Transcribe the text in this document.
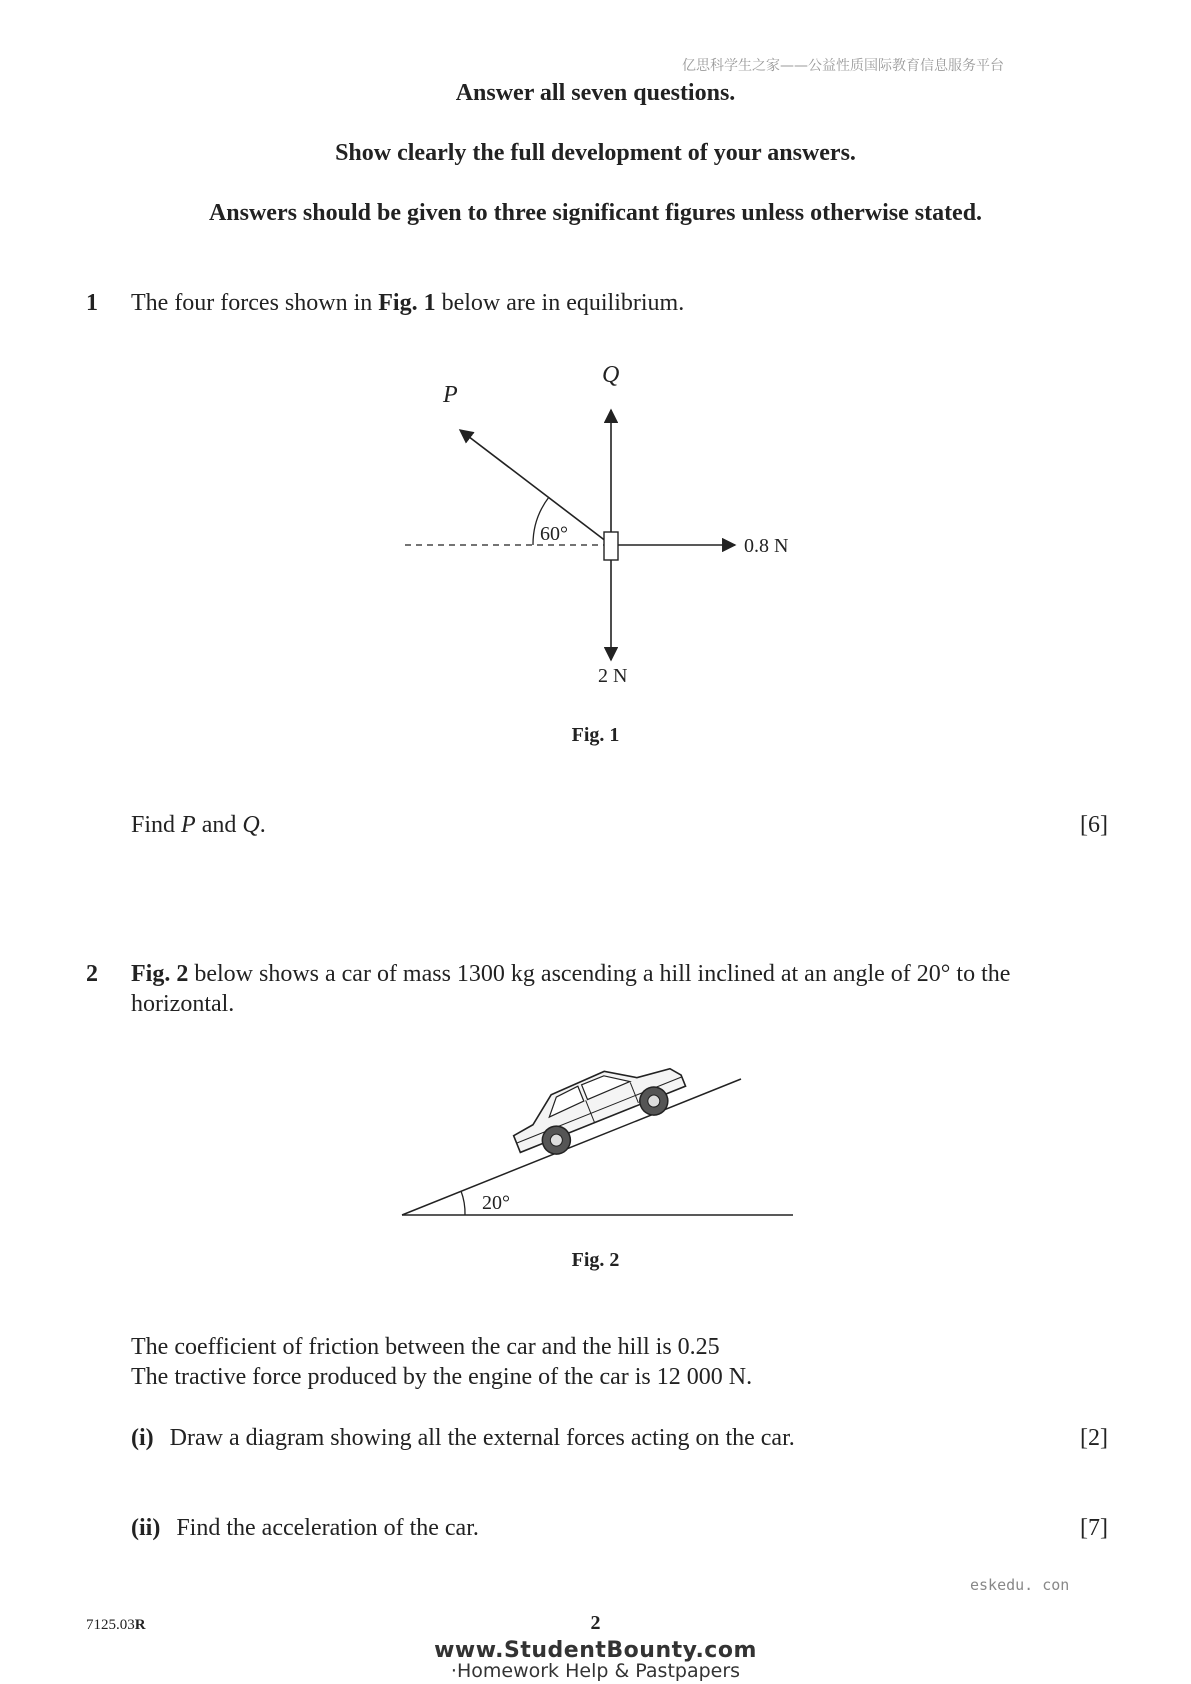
亿思科学生之家——公益性质国际教育信息服务平台
Answer all seven questions.
Show clearly the full development of your answers.
Answers should be given to three significant figures unless otherwise stated.
1 The four forces shown in Fig. 1 below are in equilibrium.
P
Q
60°
0.8 N
2 N
Fig. 1
Find P and Q.	[6]
2 Fig. 2 below shows a car of mass 1300 kg ascending a hill inclined at an angle of 20° to the
horizontal.
20°
Fig. 2
The coefficient of friction between the car and the hill is 0.25
The tractive force produced by the engine of the car is 12 000 N.
(i) Draw a diagram showing all the external forces acting on the car.	[2]
(ii) Find the acceleration of the car.	[7]
eskedu. con
7125.03R	2
www.StudentBounty.com
·Homework Help & Pastpapers
